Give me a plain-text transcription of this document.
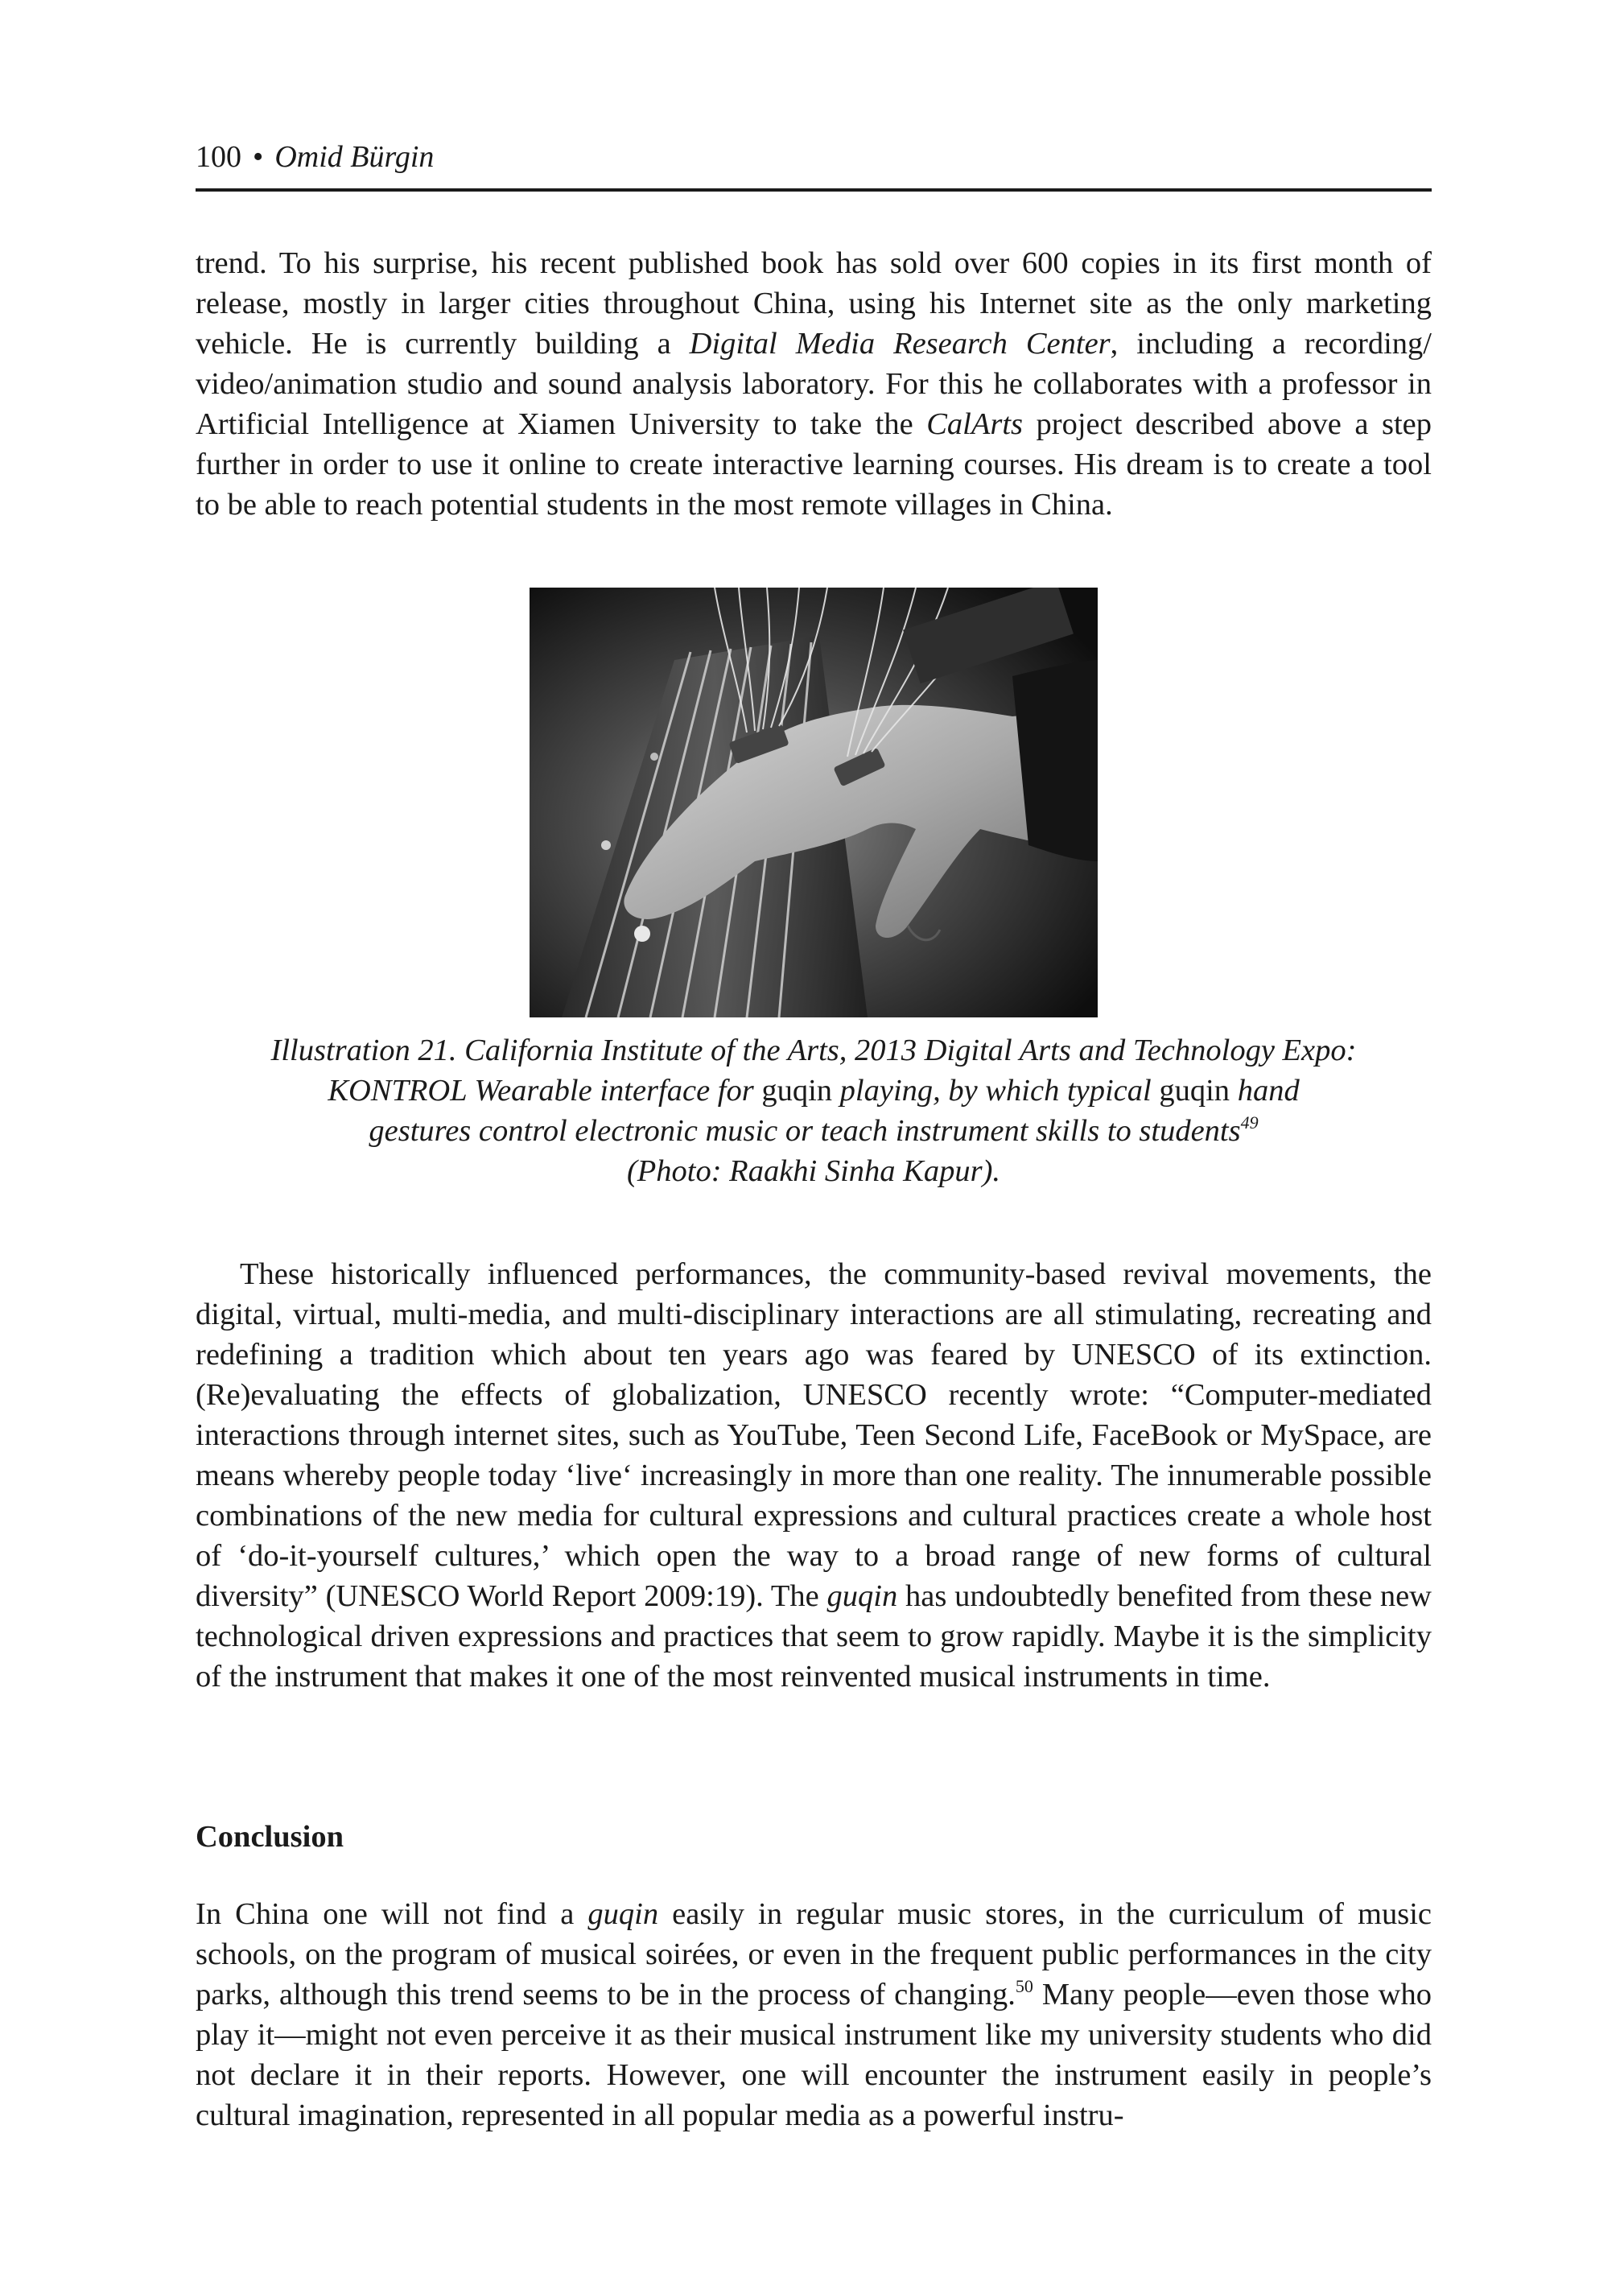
100 • Omid Bürgin

trend. To his surprise, his recent published book has sold over 600 copies in its first month of release, mostly in larger cities throughout China, using his Internet site as the only marketing vehicle. He is currently building a Digital Media Research Center, including a recording/ video/animation studio and sound analysis laboratory. For this he collaborates with a professor in Artificial Intelligence at Xiamen University to take the CalArts project described above a step further in order to use it online to create interactive learning courses. His dream is to create a tool to be able to reach potential students in the most remote villages in China.

Illustration 21. California Institute of the Arts, 2013 Digital Arts and Technology Expo:
KONTROL Wearable interface for guqin playing, by which typical guqin hand
gestures control electronic music or teach instrument skills to students$^{49}$
(Photo: Raakhi Sinha Kapur).

These historically influenced performances, the community-based revival movements, the digital, virtual, multi-media, and multi-disciplinary interactions are all stimulating, recreating and redefining a tradition which about ten years ago was feared by UNESCO of its extinction. (Re)evaluating the effects of globalization, UNESCO recently wrote: “Computer-mediated interactions through internet sites, such as YouTube, Teen Second Life, FaceBook or MySpace, are means whereby people today ‘live‘ increasingly in more than one reality. The innumerable possible combinations of the new media for cultural expressions and cultural practices create a whole host of ‘do-it-yourself cultures,’ which open the way to a broad range of new forms of cultural diversity” (UNESCO World Report 2009:19). The guqin has undoubtedly benefited from these new technological driven expressions and practices that seem to grow rapidly. Maybe it is the simplicity of the instrument that makes it one of the most reinvented musical instruments in time.

Conclusion

In China one will not find a guqin easily in regular music stores, in the curriculum of music schools, on the program of musical soirées, or even in the frequent public performances in the city parks, although this trend seems to be in the process of changing.$^{50}$ Many people—even those who play it—might not even perceive it as their musical instrument like my university students who did not declare it in their reports. However, one will encounter the instrument easily in people’s cultural imagination, represented in all popular media as a powerful instru-
